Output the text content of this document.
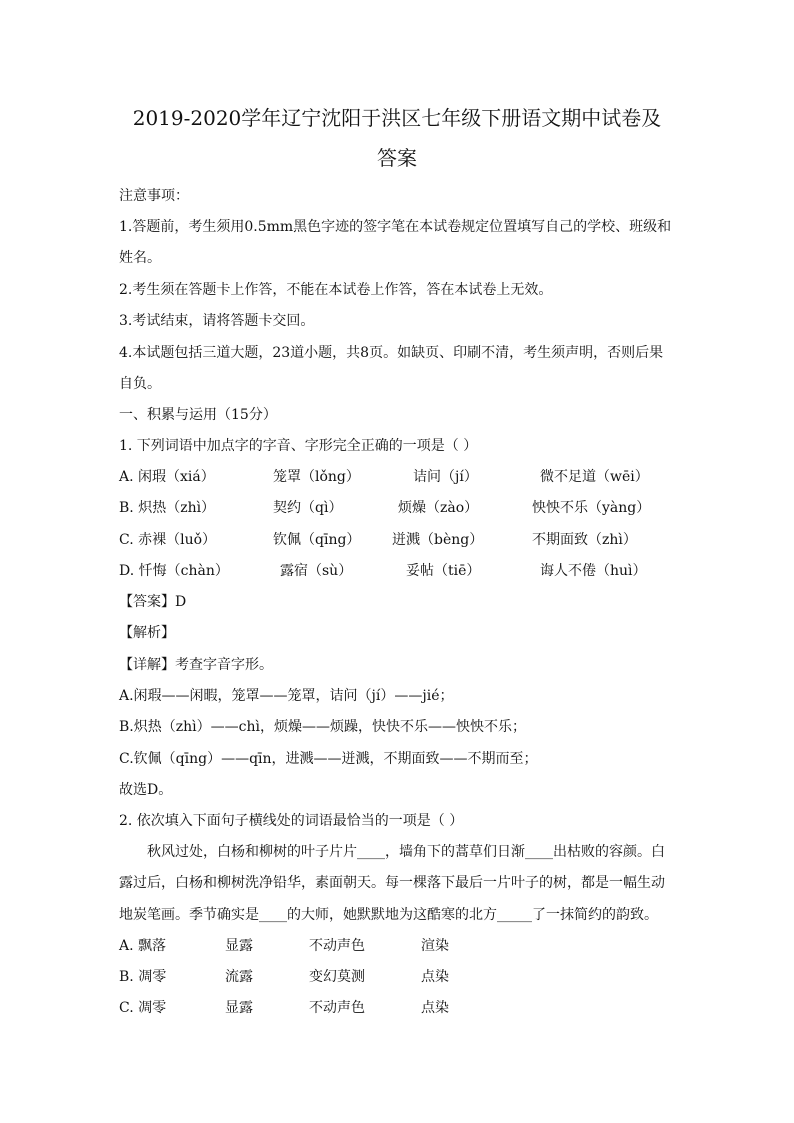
2019-2020学年辽宁沈阳于洪区七年级下册语文期中试卷及
答案
注意事项：
1.答题前，考生须用0.5mm黑色字迹的签字笔在本试卷规定位置填写自己的学校、班级和
姓名。
2.考生须在答题卡上作答，不能在本试卷上作答，答在本试卷上无效。
3.考试结束，请将答题卡交回。
4.本试题包括三道大题，23道小题，共8页。如缺页、印刷不清，考生须声明，否则后果
自负。
一、积累与运用（15分）
1. 下列词语中加点字的字音、字形完全正确的一项是（ ）
A. 闲瑕（xiá）	笼罩（lǒng）	诘问（jí）	微不足道（wēi）
B. 炽热（zhì）	契约（qì）	烦燥（zào）	怏怏不乐（yàng）
C. 赤裸（luǒ）	钦佩（qīng） 迸溅（bèng）	不期面致（zhì）
D. 忏悔（chàn）	露宿（sù）	妥帖（tiē）	诲人不倦（huì）
【答案】D
【解析】
【详解】考查字音字形。
A.闲瑕——闲暇，笼罩——笼罩，诘问（jí）——jié；
B.炽热（zhì）——chì，烦燥——烦躁，快快不乐——怏怏不乐；
C.钦佩（qīng）——qīn，进溅——迸溅，不期面致——不期而至；
故选D。
2. 依次填入下面句子横线处的词语最恰当的一项是（ ）
秋风过处，白杨和柳树的叶子片片____，墙角下的蒿草们日渐____出枯败的容颜。白
露过后，白杨和柳树洗净铅华，素面朝天。每一棵落下最后一片叶子的树，都是一幅生动
地炭笔画。季节确实是____的大师，她默默地为这酷寒的北方_____了一抹简约的韵致。
A. 飘落	显露	不动声色	渲染
B. 凋零	流露	变幻莫测	点染
C. 凋零	显露	不动声色	点染
